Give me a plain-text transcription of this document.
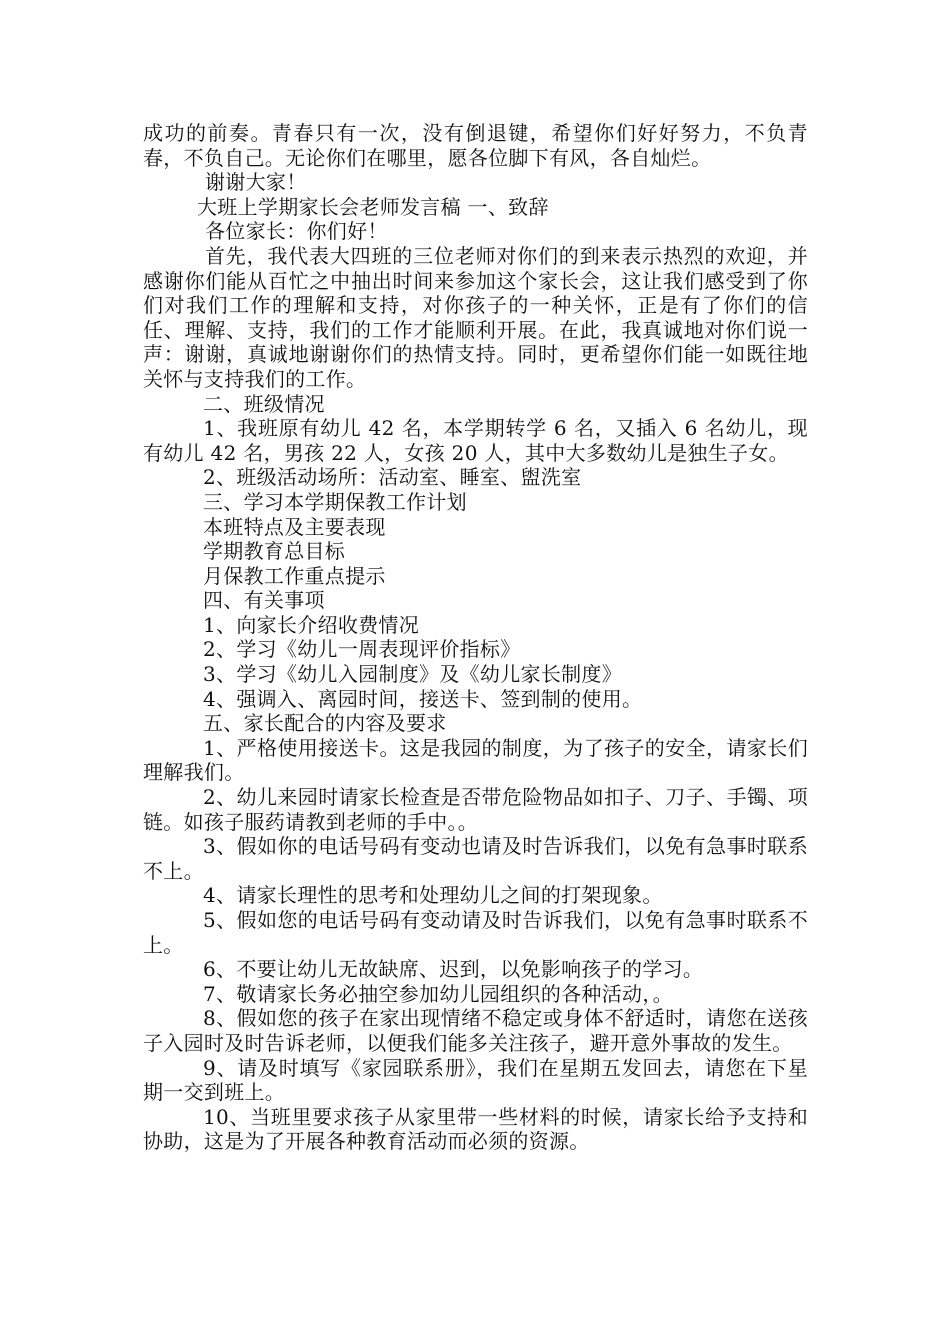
成功的前奏。青春只有一次，没有倒退键，希望你们好好努力，不负青春，不负自己。无论你们在哪里，愿各位脚下有风，各自灿烂。

谢谢大家！

大班上学期家长会老师发言稿 一、致辞

各位家长：你们好！

首先，我代表大四班的三位老师对你们的到来表示热烈的欢迎，并感谢你们能从百忙之中抽出时间来参加这个家长会，这让我们感受到了你们对我们工作的理解和支持，对你孩子的一种关怀，正是有了你们的信任、理解、支持，我们的工作才能顺利开展。在此，我真诚地对你们说一声：谢谢，真诚地谢谢你们的热情支持。同时，更希望你们能一如既往地关怀与支持我们的工作。

二、班级情况

1、我班原有幼儿 42 名，本学期转学 6 名，又插入 6 名幼儿，现有幼儿 42 名，男孩 22 人，女孩 20 人，其中大多数幼儿是独生子女。

2、班级活动场所：活动室、睡室、盥洗室

三、学习本学期保教工作计划

本班特点及主要表现

学期教育总目标

月保教工作重点提示

四、有关事项

1、向家长介绍收费情况

2、学习《幼儿一周表现评价指标》

3、学习《幼儿入园制度》及《幼儿家长制度》

4、强调入、离园时间，接送卡、签到制的使用。

五、家长配合的内容及要求

1、严格使用接送卡。这是我园的制度，为了孩子的安全，请家长们理解我们。

2、幼儿来园时请家长检查是否带危险物品如扣子、刀子、手镯、项链。如孩子服药请教到老师的手中。。

3、假如你的电话号码有变动也请及时告诉我们，以免有急事时联系不上。

4、请家长理性的思考和处理幼儿之间的打架现象。

5、假如您的电话号码有变动请及时告诉我们，以免有急事时联系不上。

6、不要让幼儿无故缺席、迟到，以免影响孩子的学习。

7、敬请家长务必抽空参加幼儿园组织的各种活动，。

8、假如您的孩子在家出现情绪不稳定或身体不舒适时，请您在送孩子入园时及时告诉老师，以便我们能多关注孩子，避开意外事故的发生。

9、请及时填写《家园联系册》，我们在星期五发回去，请您在下星期一交到班上。

10、当班里要求孩子从家里带一些材料的时候，请家长给予支持和协助，这是为了开展各种教育活动而必须的资源。
